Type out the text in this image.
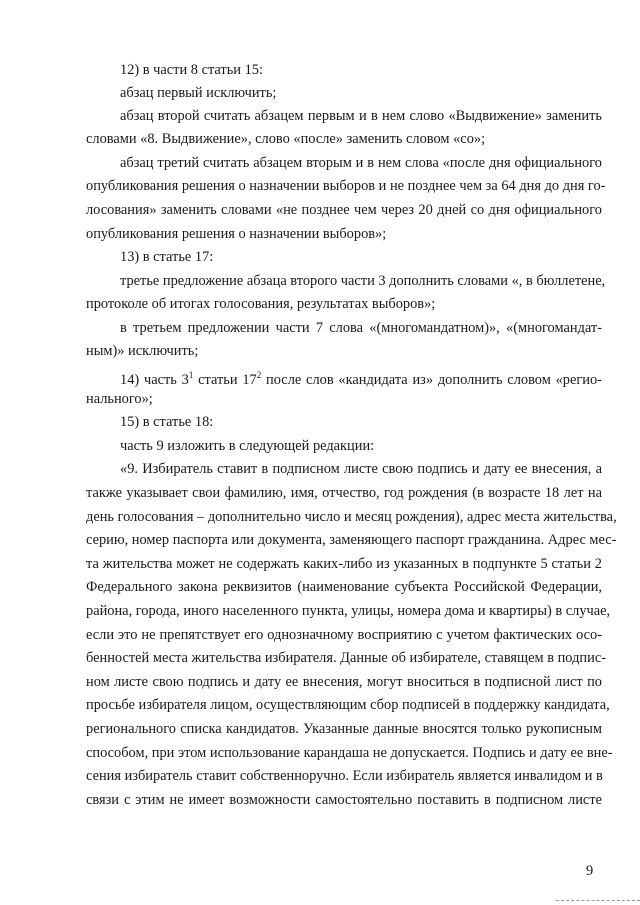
12) в части 8 статьи 15:

абзац первый исключить;

абзац второй считать абзацем первым и в нем слово «Выдвижение» заменить

словами «8. Выдвижение», слово «после» заменить словом «со»;

абзац третий считать абзацем вторым и в нем слова «после дня официального

опубликования решения о назначении выборов и не позднее чем за 64 дня до дня го-

лосования» заменить словами «не позднее чем через 20 дней со дня официального

опубликования решения о назначении выборов»;

13) в статье 17:

третье предложение абзаца второго части 3 дополнить словами «, в бюллетене,

протоколе об итогах голосования, результатах выборов»;

в третьем предложении части 7 слова «(многомандатном)», «(многомандат-

ным)» исключить;

14) часть $3^1$ статьи $17^2$ после слов «кандидата из» дополнить словом «регио-

нального»;

15) в статье 18:

часть 9 изложить в следующей редакции:

«9. Избиратель ставит в подписном листе свою подпись и дату ее внесения, а

также указывает свои фамилию, имя, отчество, год рождения (в возрасте 18 лет на

день голосования – дополнительно число и месяц рождения), адрес места жительства,

серию, номер паспорта или документа, заменяющего паспорт гражданина. Адрес мес-

та жительства может не содержать каких-либо из указанных в подпункте 5 статьи 2

Федерального закона реквизитов (наименование субъекта Российской Федерации,

района, города, иного населенного пункта, улицы, номера дома и квартиры) в случае,

если это не препятствует его однозначному восприятию с учетом фактических осо-

бенностей места жительства избирателя. Данные об избирателе, ставящем в подпис-

ном листе свою подпись и дату ее внесения, могут вноситься в подписной лист по

просьбе избирателя лицом, осуществляющим сбор подписей в поддержку кандидата,

регионального списка кандидатов. Указанные данные вносятся только рукописным

способом, при этом использование карандаша не допускается. Подпись и дату ее вне-

сения избиратель ставит собственноручно. Если избиратель является инвалидом и в

связи с этим не имеет возможности самостоятельно поставить в подписном листе

9
